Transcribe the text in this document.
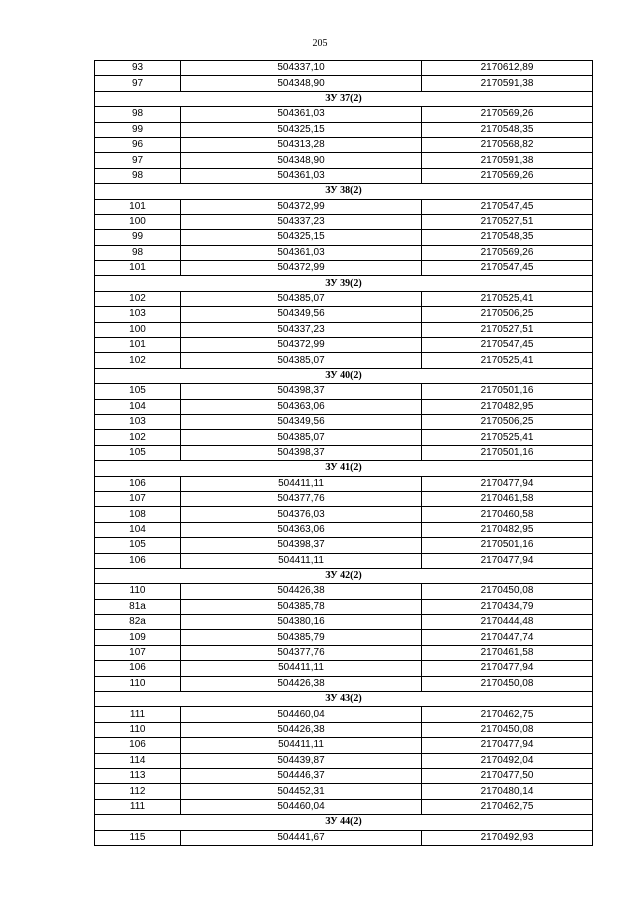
205
93	504337,10	2170612,89
97	504348,90	2170591,38
ЗУ 37(2)		
98	504361,03	2170569,26
99	504325,15	2170548,35
96	504313,28	2170568,82
97	504348,90	2170591,38
98	504361,03	2170569,26
ЗУ 38(2)		
101	504372,99	2170547,45
100	504337,23	2170527,51
99	504325,15	2170548,35
98	504361,03	2170569,26
101	504372,99	2170547,45
ЗУ 39(2)		
102	504385,07	2170525,41
103	504349,56	2170506,25
100	504337,23	2170527,51
101	504372,99	2170547,45
102	504385,07	2170525,41
ЗУ 40(2)		
105	504398,37	2170501,16
104	504363,06	2170482,95
103	504349,56	2170506,25
102	504385,07	2170525,41
105	504398,37	2170501,16
ЗУ 41(2)		
106	504411,11	2170477,94
107	504377,76	2170461,58
108	504376,03	2170460,58
104	504363,06	2170482,95
105	504398,37	2170501,16
106	504411,11	2170477,94
ЗУ 42(2)		
110	504426,38	2170450,08
81a	504385,78	2170434,79
82a	504380,16	2170444,48
109	504385,79	2170447,74
107	504377,76	2170461,58
106	504411,11	2170477,94
110	504426,38	2170450,08
ЗУ 43(2)		
111	504460,04	2170462,75
110	504426,38	2170450,08
106	504411,11	2170477,94
114	504439,87	2170492,04
113	504446,37	2170477,50
112	504452,31	2170480,14
111	504460,04	2170462,75
ЗУ 44(2)		
115	504441,67	2170492,93
